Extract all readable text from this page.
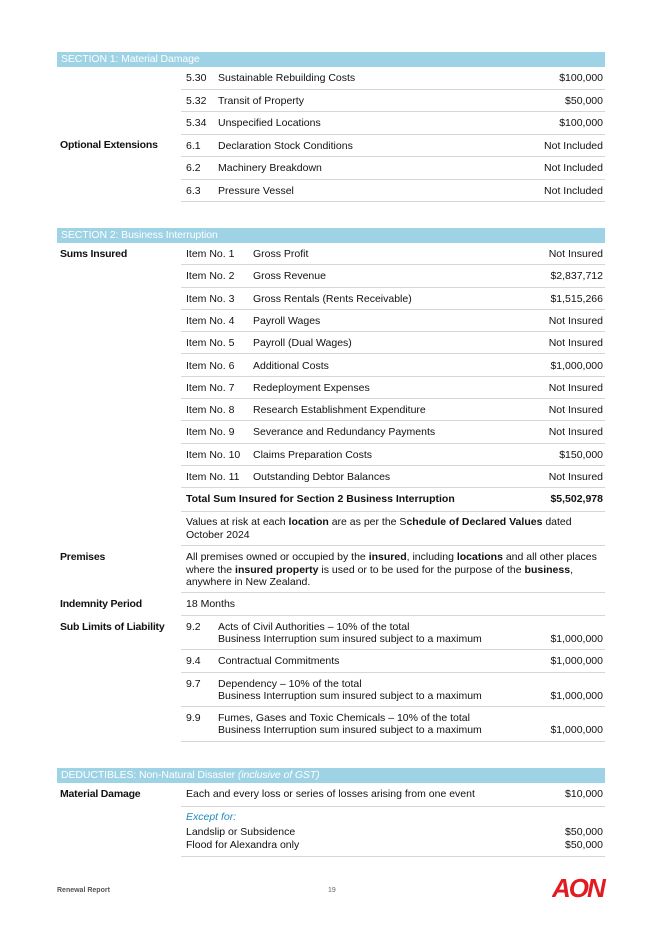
SECTION 1: Material Damage
5.30 Sustainable Rebuilding Costs	$100,000
5.32 Transit of Property	$50,000
5.34 Unspecified Locations	$100,000
6.1 Declaration Stock Conditions	Not Included
6.2 Machinery Breakdown	Not Included
6.3 Pressure Vessel	Not Included
Optional Extensions
SECTION 2: Business Interruption
Sums Insured	Item No. 1 Gross Profit	Not Insured
Item No. 2 Gross Revenue	$2,837,712
Item No. 3 Gross Rentals (Rents Receivable)	$1,515,266
Item No. 4 Payroll Wages	Not Insured
Item No. 5 Payroll (Dual Wages)	Not Insured
Item No. 6 Additional Costs	$1,000,000
Item No. 7 Redeployment Expenses	Not Insured
Item No. 8 Research Establishment Expenditure	Not Insured
Item No. 9 Severance and Redundancy Payments	Not Insured
Item No. 10 Claims Preparation Costs	$150,000
Item No. 11 Outstanding Debtor Balances	Not Insured
Total Sum Insured for Section 2 Business Interruption	$5,502,978
Values at risk at each location are as per the Schedule of Declared Values dated October 2024
Premises	All premises owned or occupied by the insured, including locations and all other places where the insured property is used or to be used for the purpose of the business, anywhere in New Zealand.
Indemnity Period	18 Months
Sub Limits of Liability 9.2 Acts of Civil Authorities – 10% of the total
Business Interruption sum insured subject to a maximum	$1,000,000
9.4 Contractual Commitments	$1,000,000
9.7 Dependency – 10% of the total
Business Interruption sum insured subject to a maximum	$1,000,000
9.9 Fumes, Gases and Toxic Chemicals – 10% of the total
Business Interruption sum insured subject to a maximum	$1,000,000
DEDUCTIBLES: Non-Natural Disaster (inclusive of GST)
Material Damage	Each and every loss or series of losses arising from one event	$10,000
Except for:
Landslip or Subsidence	$50,000
Flood for Alexandra only	$50,000
Renewal Report	19	AON
